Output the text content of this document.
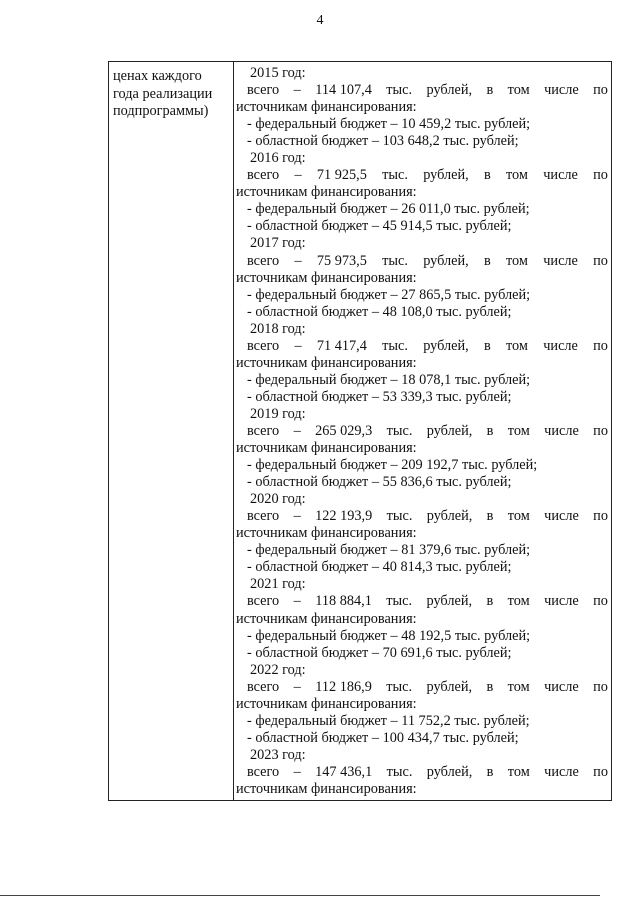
4
ценах каждого
года реализации
подпрограммы)
2015 год:
всего – 114 107,4 тыс. рублей, в том числе по
источникам финансирования:
- федеральный бюджет – 10 459,2 тыс. рублей;
- областной бюджет – 103 648,2 тыс. рублей;
2016 год:
всего – 71 925,5 тыс. рублей, в том числе по
источникам финансирования:
- федеральный бюджет – 26 011,0 тыс. рублей;
- областной бюджет – 45 914,5 тыс. рублей;
2017 год:
всего – 75 973,5 тыс. рублей, в том числе по
источникам финансирования:
- федеральный бюджет – 27 865,5 тыс. рублей;
- областной бюджет – 48 108,0 тыс. рублей;
2018 год:
всего – 71 417,4 тыс. рублей, в том числе по
источникам финансирования:
- федеральный бюджет – 18 078,1 тыс. рублей;
- областной бюджет – 53 339,3 тыс. рублей;
2019 год:
всего – 265 029,3 тыс. рублей, в том числе по
источникам финансирования:
- федеральный бюджет – 209 192,7 тыс. рублей;
- областной бюджет – 55 836,6 тыс. рублей;
2020 год:
всего – 122 193,9 тыс. рублей, в том числе по
источникам финансирования:
- федеральный бюджет – 81 379,6 тыс. рублей;
- областной бюджет – 40 814,3 тыс. рублей;
2021 год:
всего – 118 884,1 тыс. рублей, в том числе по
источникам финансирования:
- федеральный бюджет – 48 192,5 тыс. рублей;
- областной бюджет – 70 691,6 тыс. рублей;
2022 год:
всего – 112 186,9 тыс. рублей, в том числе по
источникам финансирования:
- федеральный бюджет – 11 752,2 тыс. рублей;
- областной бюджет – 100 434,7 тыс. рублей;
2023 год:
всего – 147 436,1 тыс. рублей, в том числе по
источникам финансирования:
